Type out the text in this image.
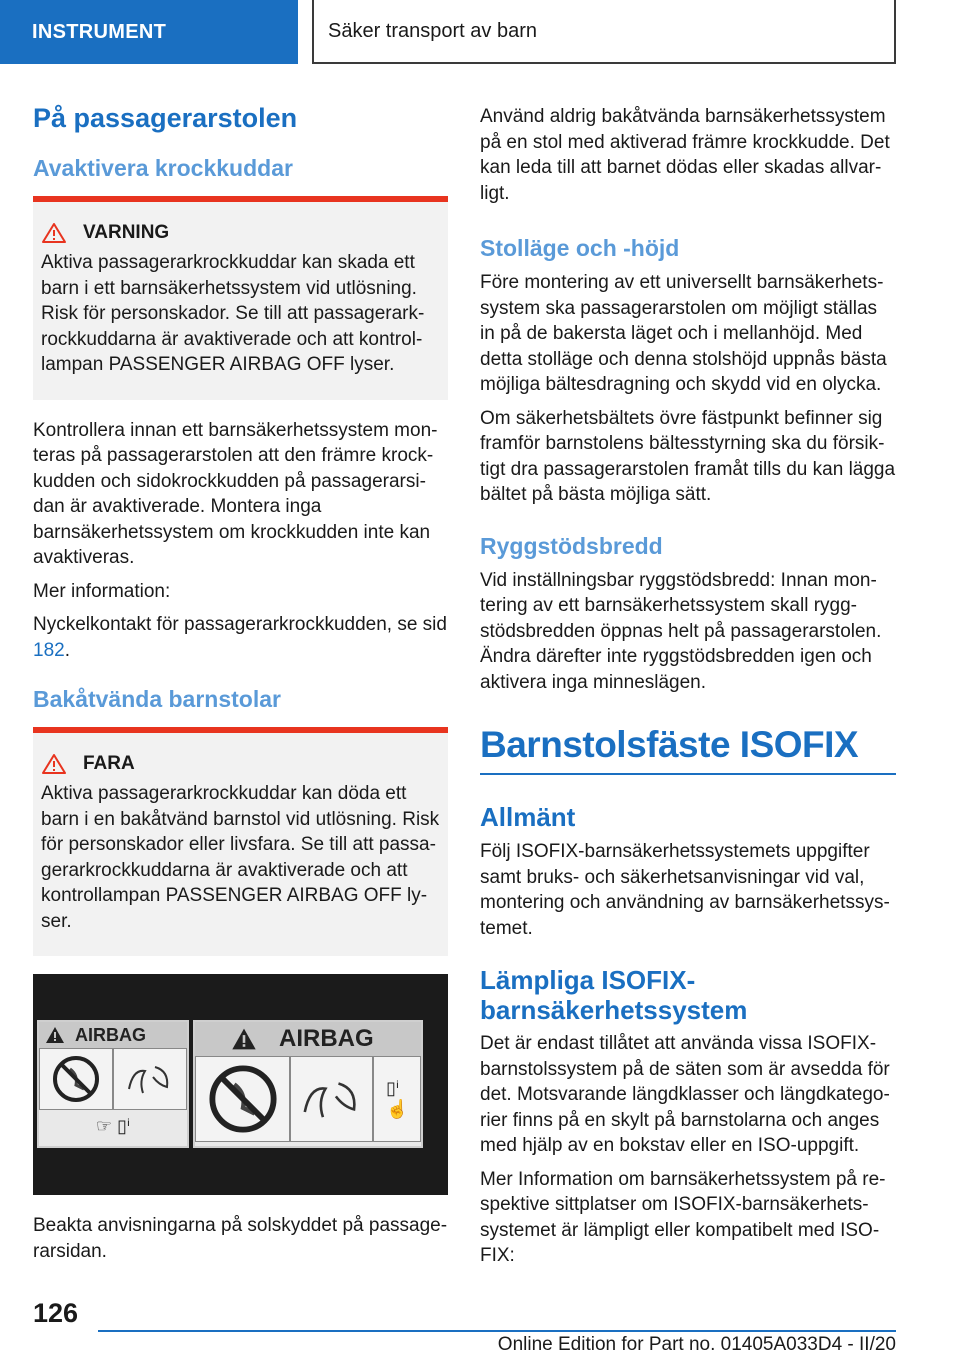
INSTRUMENT	Säker transport av barn
På passagerarstolen
Avaktivera krockkuddar
VARNING

Aktiva passagerarkrockkuddar kan skada ett barn i ett barnsäkerhetssystem vid utlösning. Risk för personskador. Se till att passagerarkrockkuddarna är avaktiverade och att kontrollampan PASSENGER AIRBAG OFF lyser.

Kontrollera innan ett barnsäkerhetssystem monteras på passagerarstolen att den främre krockkudden och sidokrockkudden på passagerarsidan är avaktiverade. Montera inga barnsäkerhetssystem om krockkudden inte kan avaktiveras.

Mer information:

Nyckelkontakt för passagerarkrockkudden, se sid 182.

Bakåtvända barnstolar
FARA

Aktiva passagerarkrockkuddar kan döda ett barn i en bakåtvänd barnstol vid utlösning. Risk för personskador eller livsfara. Se till att passagerarkrockkuddarna är avaktiverade och att kontrollampan PASSENGER AIRBAG OFF lyser.

AIRBAG
☞ ▯ⁱ
AIRBAG
▯ⁱ
☝

Beakta anvisningarna på solskyddet på passagerarsidan.

Använd aldrig bakåtvända barnsäkerhetssystem på en stol med aktiverad främre krockkudde. Det kan leda till att barnet dödas eller skadas allvarligt.

Stolläge och -höjd

Före montering av ett universellt barnsäkerhetssystem ska passagerarstolen om möjligt ställas in på de bakersta läget och i mellanhöjd. Med detta stolläge och denna stolshöjd uppnås bästa möjliga bältesdragning och skydd vid en olycka.

Om säkerhetsbältets övre fästpunkt befinner sig framför barnstolens bältesstyrning ska du försiktigt dra passagerarstolen framåt tills du kan lägga bältet på bästa möjliga sätt.

Ryggstödsbredd

Vid inställningsbar ryggstödsbredd: Innan montering av ett barnsäkerhetssystem skall ryggstödsbredden öppnas helt på passagerarstolen. Ändra därefter inte ryggstödsbredden igen och aktivera inga minneslägen.

Barnstolsfäste ISOFIX
Allmänt

Följ ISOFIX-barnsäkerhetssystemets uppgifter samt bruks- och säkerhetsanvisningar vid val, montering och användning av barnsäkerhetssystemet.

Lämpliga ISOFIX-barnsäkerhetssystem

Det är endast tillåtet att använda vissa ISOFIX-barnstolssystem på de säten som är avsedda för det. Motsvarande längdklasser och längdkategorier finns på en skylt på barnstolarna och anges med hjälp av en bokstav eller en ISO-uppgift.

Mer Information om barnsäkerhetssystem på respektive sittplatser om ISOFIX-barnsäkerhetssystemet är lämpligt eller kompatibelt med ISOFIX:

126
Online Edition for Part no. 01405A033D4 - II/20
